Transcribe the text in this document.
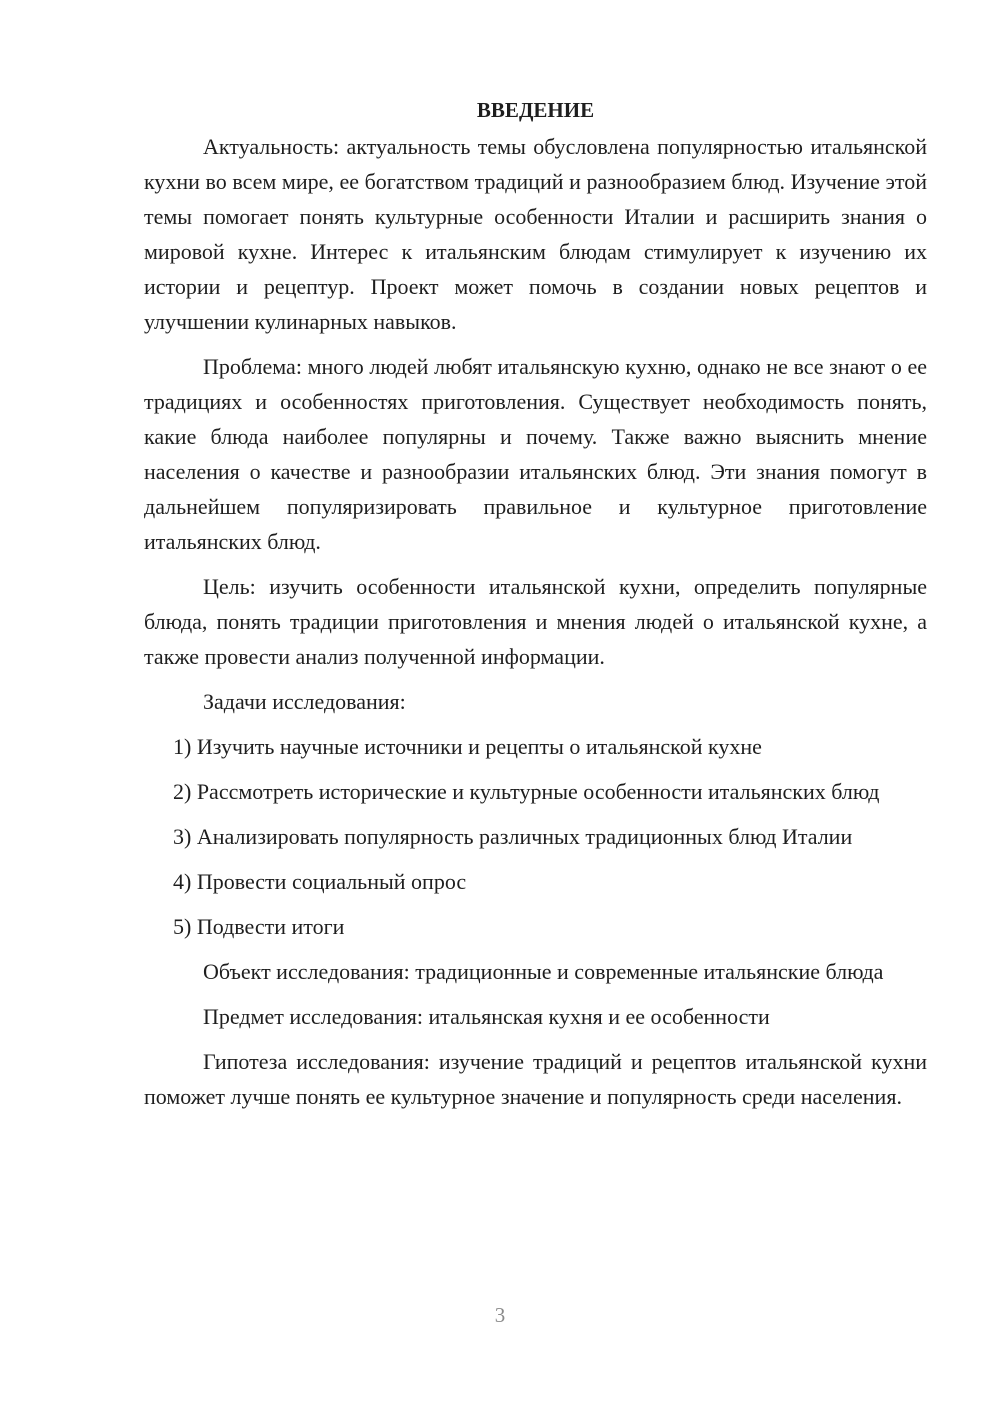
ВВЕДЕНИЕ

Актуальность: актуальность темы обусловлена популярностью итальянской кухни во всем мире, ее богатством традиций и разнообразием блюд. Изучение этой темы помогает понять культурные особенности Италии и расширить знания о мировой кухне. Интерес к итальянским блюдам стимулирует к изучению их истории и рецептур. Проект может помочь в создании новых рецептов и улучшении кулинарных навыков.

Проблема: много людей любят итальянскую кухню, однако не все знают о ее традициях и особенностях приготовления. Существует необходимость понять, какие блюда наиболее популярны и почему. Также важно выяснить мнение населения о качестве и разнообразии итальянских блюд. Эти знания помогут в дальнейшем популяризировать правильное и культурное приготовление итальянских блюд.

Цель: изучить особенности итальянской кухни, определить популярные блюда, понять традиции приготовления и мнения людей о итальянской кухне, а также провести анализ полученной информации.

Задачи исследования:

1) Изучить научные источники и рецепты о итальянской кухне

2) Рассмотреть исторические и культурные особенности итальянских блюд

3) Анализировать популярность различных традиционных блюд Италии

4) Провести социальный опрос

5) Подвести итоги

Объект исследования: традиционные и современные итальянские блюда

Предмет исследования: итальянская кухня и ее особенности

Гипотеза исследования: изучение традиций и рецептов итальянской кухни поможет лучше понять ее культурное значение и популярность среди населения.

3
